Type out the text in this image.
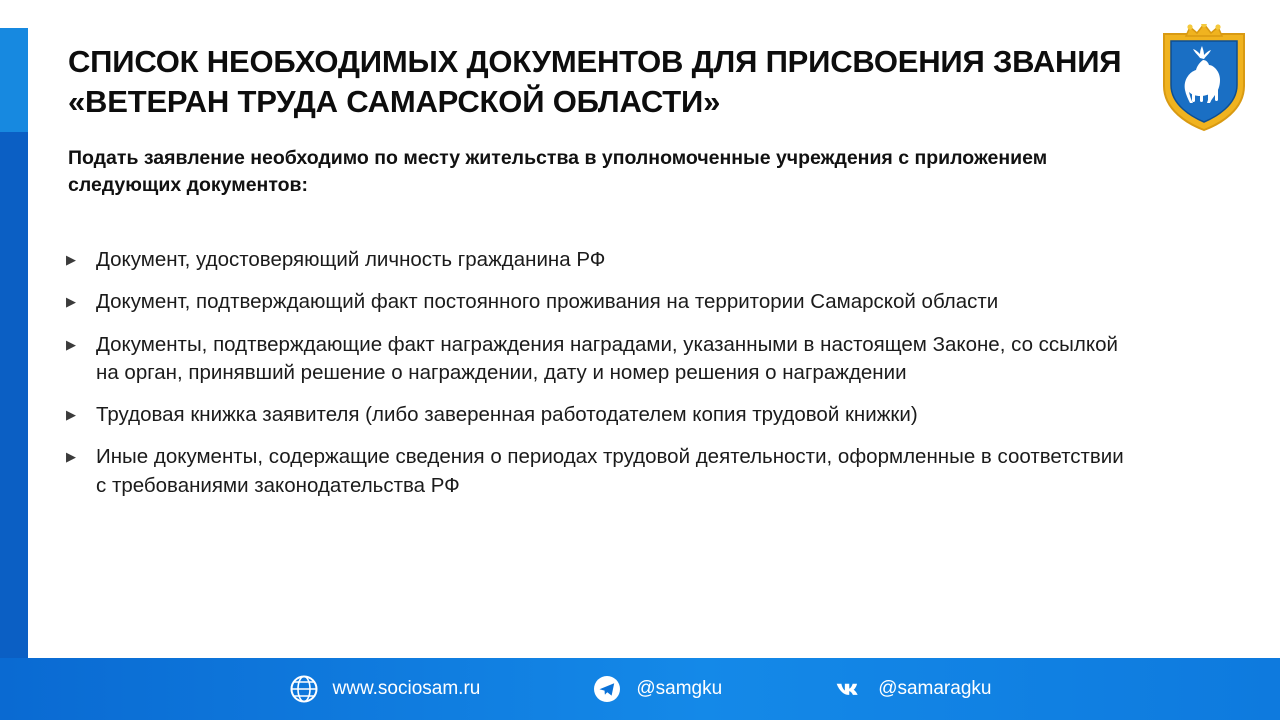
СПИСОК НЕОБХОДИМЫХ ДОКУМЕНТОВ ДЛЯ ПРИСВОЕНИЯ ЗВАНИЯ «ВЕТЕРАН ТРУДА САМАРСКОЙ ОБЛАСТИ»
Подать заявление необходимо по месту жительства в уполномоченные учреждения с приложением следующих документов:
▶ Документ, удостоверяющий личность гражданина РФ
▶ Документ, подтверждающий факт постоянного проживания на территории Самарской области
▶ Документы, подтверждающие факт награждения наградами, указанными в настоящем Законе, со ссылкой на орган, принявший решение о награждении, дату и номер решения о награждении
▶ Трудовая книжка заявителя (либо заверенная работодателем копия трудовой книжки)
▶ Иные документы, содержащие сведения о периодах трудовой деятельности, оформленные в соответствии с требованиями законодательства РФ
www.sociosam.ru	@samgku	@samaragku
